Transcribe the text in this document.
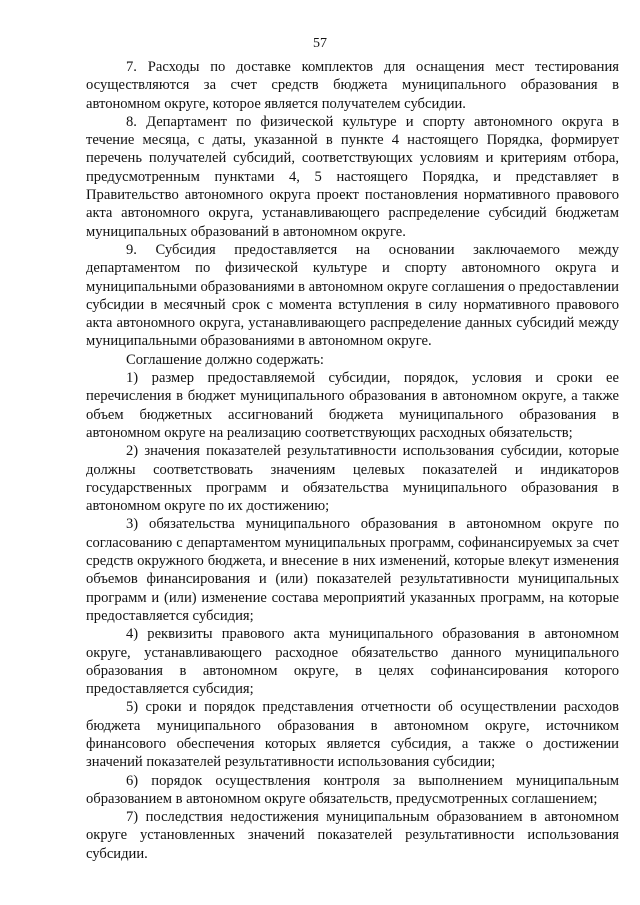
57

7. Расходы по доставке комплектов для оснащения мест тестирования осуществляются за счет средств бюджета муниципального образования в автономном округе, которое является получателем субсидии.

8. Департамент по физической культуре и спорту автономного округа в течение месяца, с даты, указанной в пункте 4 настоящего Порядка, формирует перечень получателей субсидий, соответствующих условиям и критериям отбора, предусмотренным пунктами 4, 5 настоящего Порядка, и представляет в Правительство автономного округа проект постановления нормативного правового акта автономного округа, устанавливающего распределение субсидий бюджетам муниципальных образований в автономном округе.

9. Субсидия предоставляется на основании заключаемого между департаментом по физической культуре и спорту автономного округа и муниципальными образованиями в автономном округе соглашения о предоставлении субсидии в месячный срок с момента вступления в силу нормативного правового акта автономного округа, устанавливающего распределение данных субсидий между муниципальными образованиями в автономном округе.

Соглашение должно содержать:

1) размер предоставляемой субсидии, порядок, условия и сроки ее перечисления в бюджет муниципального образования в автономном округе, а также объем бюджетных ассигнований бюджета муниципального образования в автономном округе на реализацию соответствующих расходных обязательств;

2) значения показателей результативности использования субсидии, которые должны соответствовать значениям целевых показателей и индикаторов государственных программ и обязательства муниципального образования в автономном округе по их достижению;

3) обязательства муниципального образования в автономном округе по согласованию с департаментом муниципальных программ, софинансируемых за счет средств окружного бюджета, и внесение в них изменений, которые влекут изменения объемов финансирования и (или) показателей результативности муниципальных программ и (или) изменение состава мероприятий указанных программ, на которые предоставляется субсидия;

4) реквизиты правового акта муниципального образования в автономном округе, устанавливающего расходное обязательство данного муниципального образования в автономном округе, в целях софинансирования которого предоставляется субсидия;

5) сроки и порядок представления отчетности об осуществлении расходов бюджета муниципального образования в автономном округе, источником финансового обеспечения которых является субсидия, а также о достижении значений показателей результативности использования субсидии;

6) порядок осуществления контроля за выполнением муниципальным образованием в автономном округе обязательств, предусмотренных соглашением;

7) последствия недостижения муниципальным образованием в автономном округе установленных значений показателей результативности использования субсидии.
